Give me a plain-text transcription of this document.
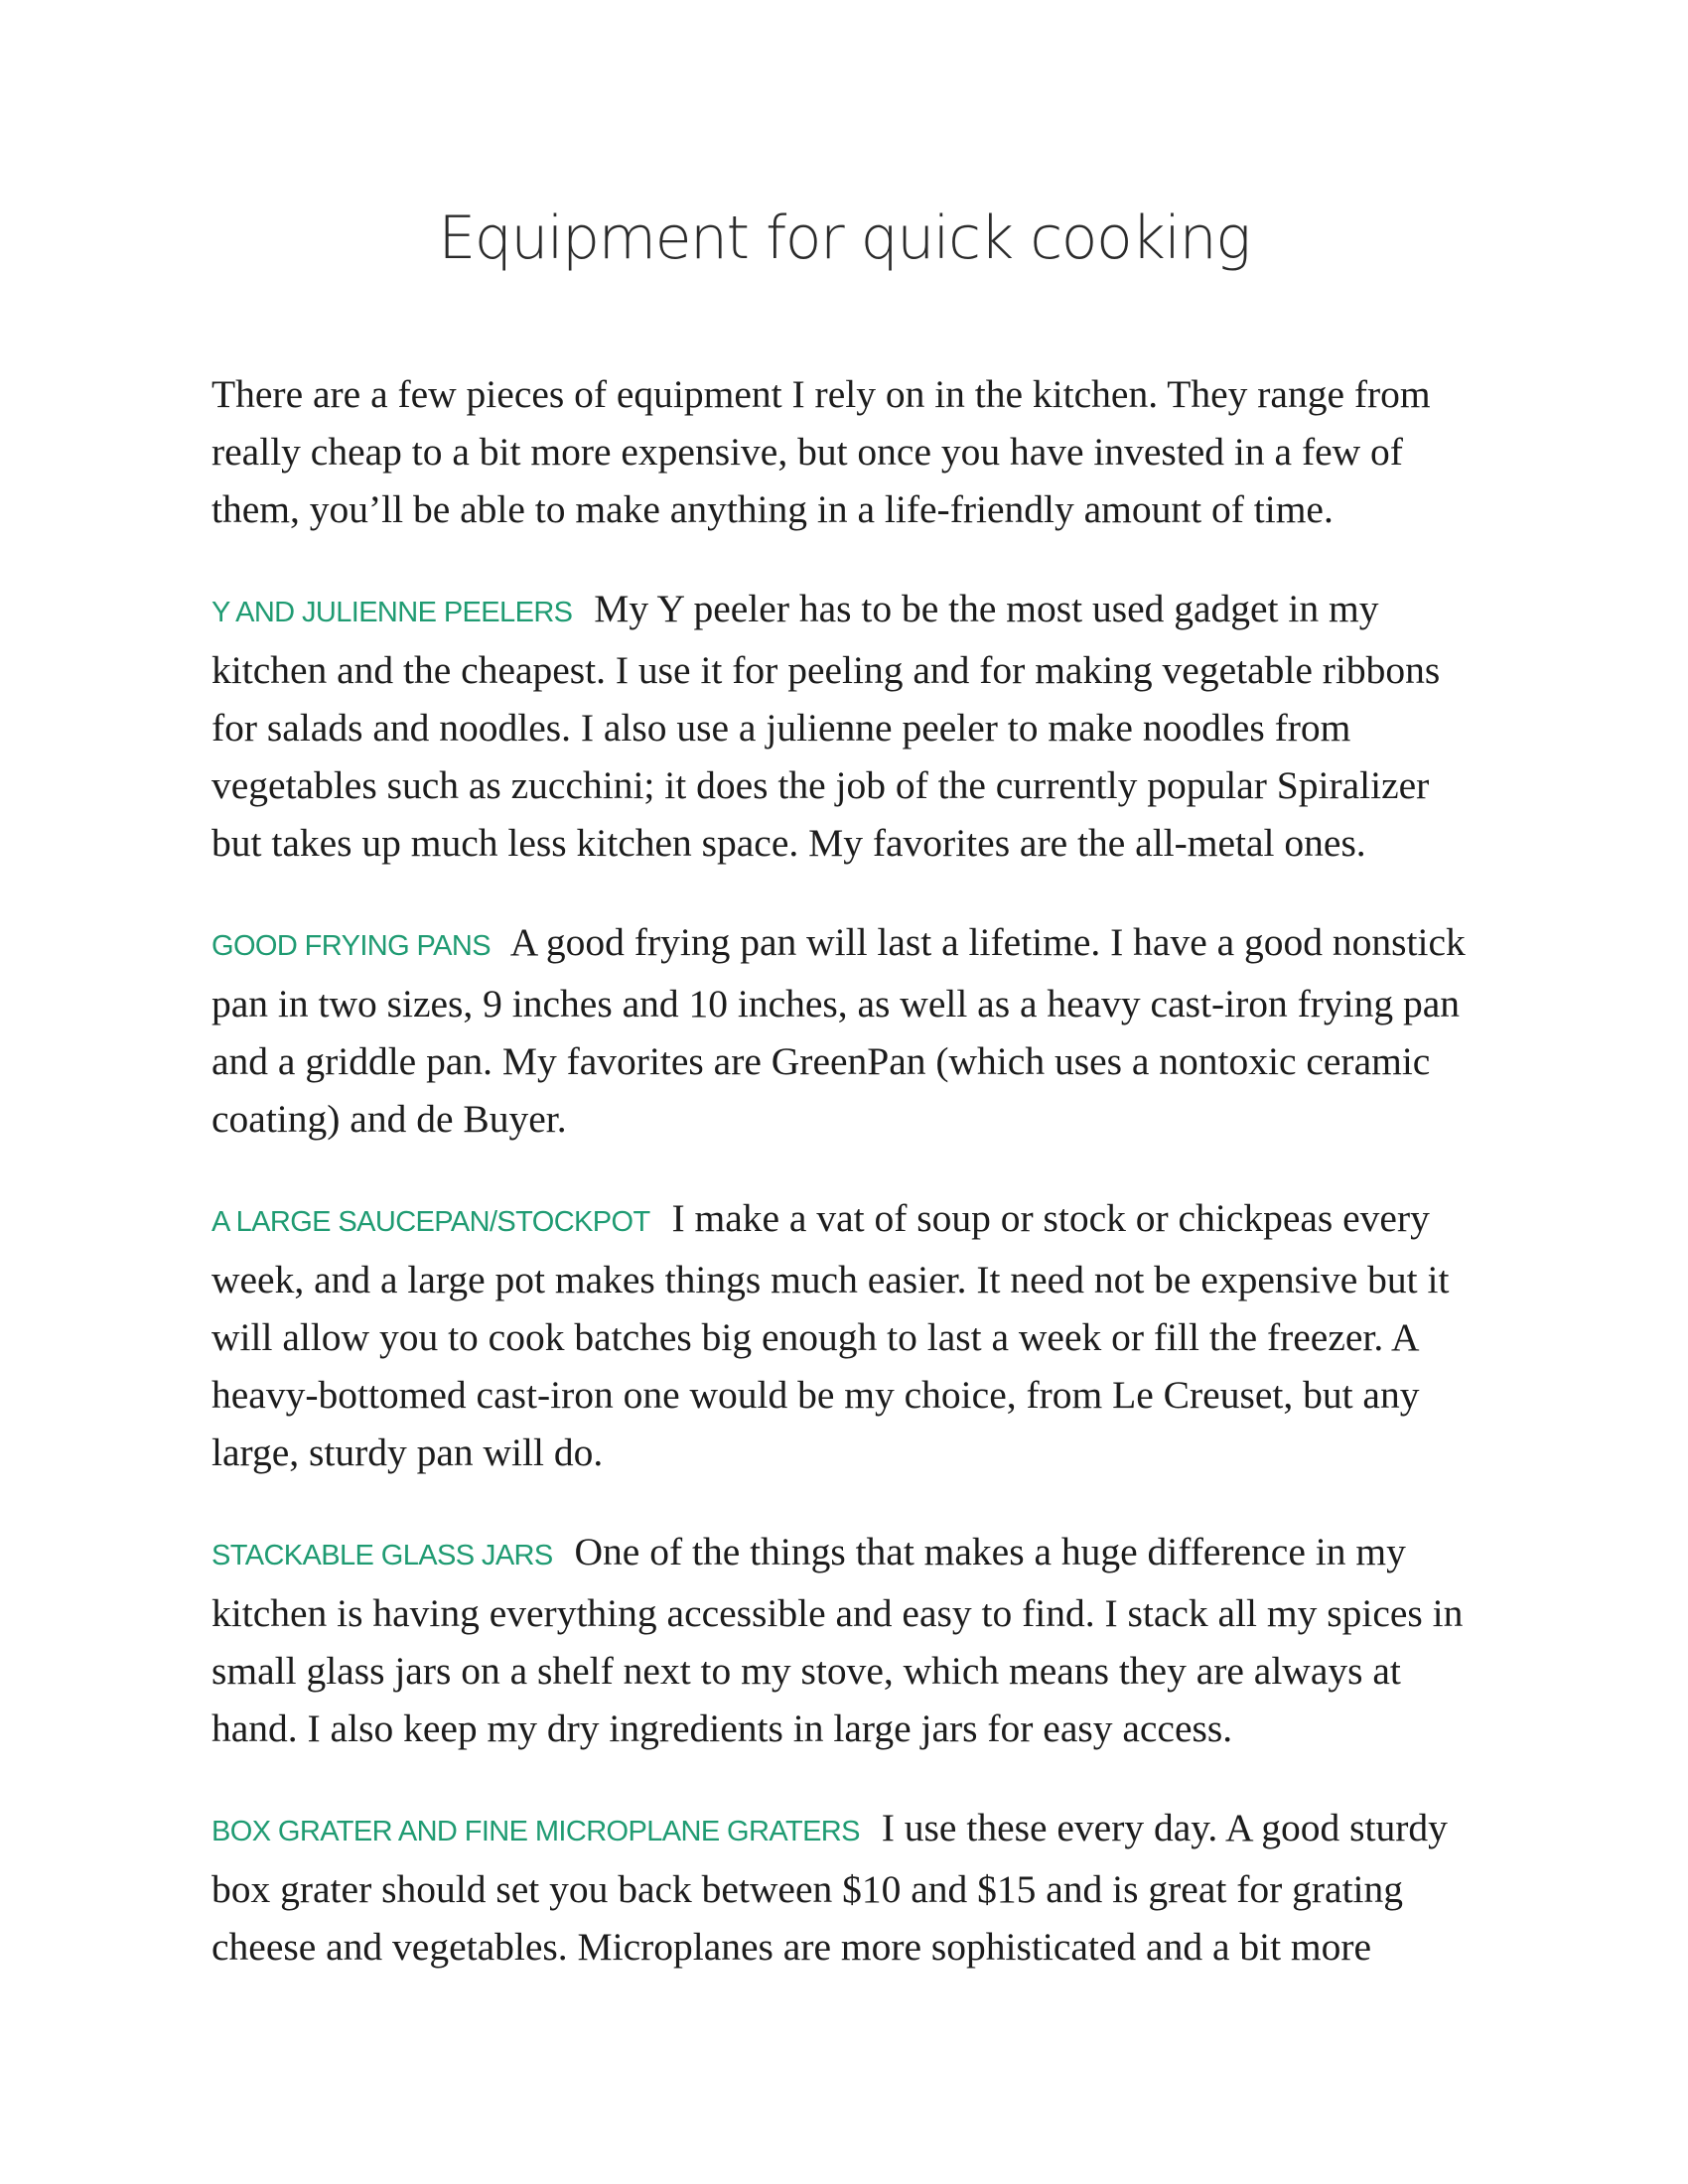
Equipment for quick cooking

There are a few pieces of equipment I rely on in the kitchen. They range from really cheap to a bit more expensive, but once you have invested in a few of them, you’ll be able to make anything in a life-friendly amount of time.

Y AND JULIENNE PEELERS My Y peeler has to be the most used gadget in my kitchen and the cheapest. I use it for peeling and for making vegetable ribbons for salads and noodles. I also use a julienne peeler to make noodles from vegetables such as zucchini; it does the job of the currently popular Spiralizer but takes up much less kitchen space. My favorites are the all-metal ones.

GOOD FRYING PANS A good frying pan will last a lifetime. I have a good nonstick pan in two sizes, 9 inches and 10 inches, as well as a heavy cast-iron frying pan and a griddle pan. My favorites are GreenPan (which uses a nontoxic ceramic coating) and de Buyer.

A LARGE SAUCEPAN/STOCKPOT I make a vat of soup or stock or chickpeas every week, and a large pot makes things much easier. It need not be expensive but it will allow you to cook batches big enough to last a week or fill the freezer. A heavy-bottomed cast-iron one would be my choice, from Le Creuset, but any large, sturdy pan will do.

STACKABLE GLASS JARS One of the things that makes a huge difference in my kitchen is having everything accessible and easy to find. I stack all my spices in small glass jars on a shelf next to my stove, which means they are always at hand. I also keep my dry ingredients in large jars for easy access.

BOX GRATER AND FINE MICROPLANE GRATERS I use these every day. A good sturdy box grater should set you back between $10 and $15 and is great for grating cheese and vegetables. Microplanes are more sophisticated and a bit more
